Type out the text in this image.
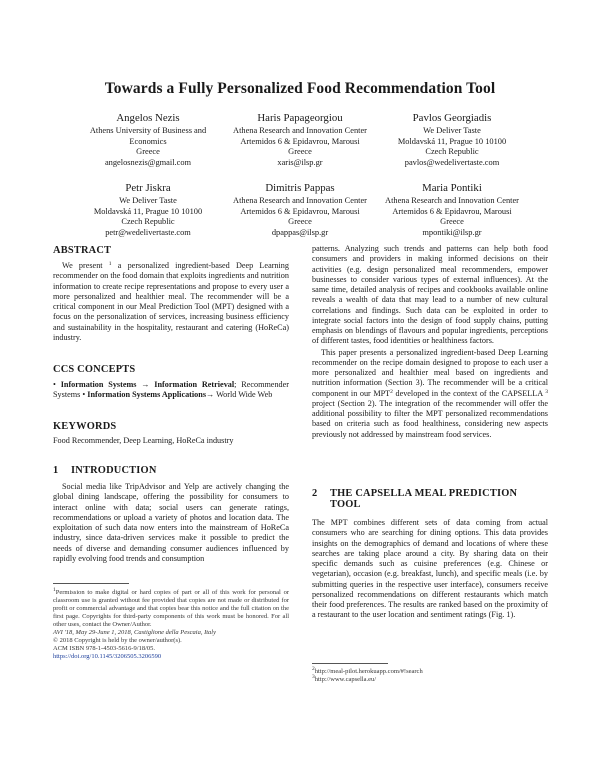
Towards a Fully Personalized Food Recommendation Tool
Angelos Nezis
Athens University of Business and
Economics
Greece
angelosnezis@gmail.com
Haris Papageorgiou
Athena Research and Innovation Center
Artemidos 6 & Epidavrou, Marousi
Greece
xaris@ilsp.gr
Pavlos Georgiadis
We Deliver Taste
Moldavská 11, Prague 10 10100
Czech Republic
pavlos@wedelivertaste.com
Petr Jiskra
We Deliver Taste
Moldavská 11, Prague 10 10100
Czech Republic
petr@wedelivertaste.com
Dimitris Pappas
Athena Research and Innovation Center
Artemidos 6 & Epidavrou, Marousi
Greece
dpappas@ilsp.gr
Maria Pontiki
Athena Research and Innovation Center
Artemidos 6 & Epidavrou, Marousi
Greece
mpontiki@ilsp.gr
ABSTRACT

We present $^1$ a personalized ingredient-based Deep Learning recommender on the food domain that exploits ingredients and nutrition information to create recipe representations and propose to every user a more personalized and healthier meal. The recommender will be a critical component in our Meal Prediction Tool (MPT) designed with a focus on the personalization of services, increasing business efficiency and sustainability in the hospitality, restaurant and catering (HoReCa) industry.

CCS CONCEPTS

• Information Systems → Information Retrieval; Recommender Systems • Information Systems Applications→ World Wide Web

KEYWORDS
Food Recommender, Deep Learning, HoReCa industry
1 INTRODUCTION

Social media like TripAdvisor and Yelp are actively changing the global dining landscape, offering the possibility for consumers to interact online with data; social users can generate ratings, recommendations or upload a variety of photos and location data. The exploitation of such data now enters into the mainstream of HoReCa industry, since data-driven services make it possible to predict the needs of diverse and demanding consumer audiences influenced by rapidly evolving food trends and consumption

$^1$Permission to make digital or hard copies of part or all of this work for personal or classroom use is granted without fee provided that copies are not made or distributed for profit or commercial advantage and that copies bear this notice and the full citation on the first page. Copyrights for third-party components of this work must be honored. For all other uses, contact the Owner/Author.

AVI '18, May 29-June 1, 2018, Castiglione della Pescaia, Italy

© 2018 Copyright is held by the owner/author(s).

ACM ISBN 978-1-4503-5616-9/18/05.

https://doi.org/10.1145/3206505.3206590

patterns. Analyzing such trends and patterns can help both food consumers and providers in making informed decisions on their activities (e.g. design personalized meal recommenders, empower businesses to consider various types of external influences). At the same time, detailed analysis of recipes and cookbooks available online reveals a wealth of data that may lead to a number of new cultural correlations and findings. Such data can be exploited in order to integrate social factors into the design of food supply chains, putting emphasis on blendings of flavours and popular ingredients, perceptions of different tastes, food identities or healthiness factors.

This paper presents a personalized ingredient-based Deep Learning recommender on the recipe domain designed to propose to each user a more personalized and healthier meal based on ingredients and nutrition information (Section 3). The recommender will be a critical component in our MPT$^2$ developed in the context of the CAPSELLA $^3$ project (Section 2). The integration of the recommender will offer the additional possibility to filter the MPT personalized recommendations based on criteria such as food healthiness, considering new aspects previously not addressed by mainstream food services.

2 THE CAPSELLA MEAL PREDICTION
TOOL

The MPT combines different sets of data coming from actual consumers who are searching for dining options. This data provides insights on the demographics of demand and locations of where these searches are taking place around a city. By sharing data on their specific demands such as cuisine preferences (e.g. Chinese or vegetarian), occasion (e.g. breakfast, lunch), and specific meals (i.e. by submitting queries in the respective user interface), consumers receive personalized recommendations on different restaurants which match their food preferences. The results are ranked based on the proximity of a restaurant to the user location and sentiment ratings (Fig. 1).

$^2$http://meal-pilot.herokuapp.com/#!search

$^3$http://www.capsella.eu/
